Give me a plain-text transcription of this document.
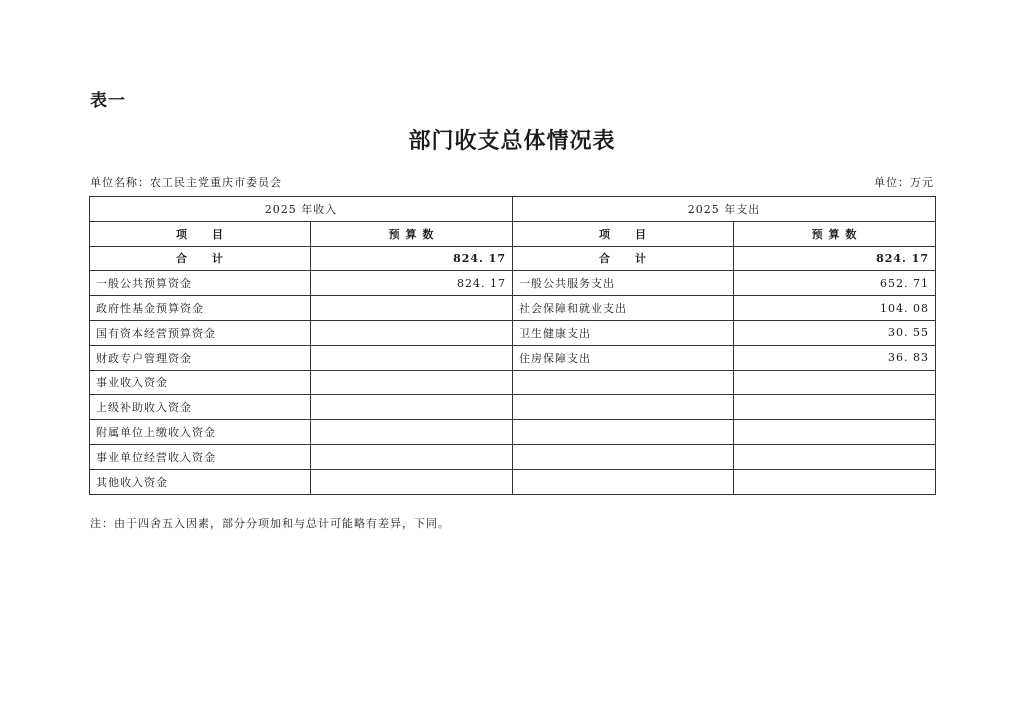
表一
部门收支总体情况表
单位名称：农工民主党重庆市委员会	单位：万元
2025 年收入		2025 年支出	
项　　目	预 算 数	项　　目	预 算 数
合　　计	824. 17	合　　计	824. 17
一般公共预算资金	824. 17	一般公共服务支出	652. 71
政府性基金预算资金		社会保障和就业支出	104. 08
国有资本经营预算资金		卫生健康支出	30. 55
财政专户管理资金		住房保障支出	36. 83
事业收入资金			
上级补助收入资金			
附属单位上缴收入资金			
事业单位经营收入资金			
其他收入资金			
注：由于四舍五入因素，部分分项加和与总计可能略有差异，下同。
